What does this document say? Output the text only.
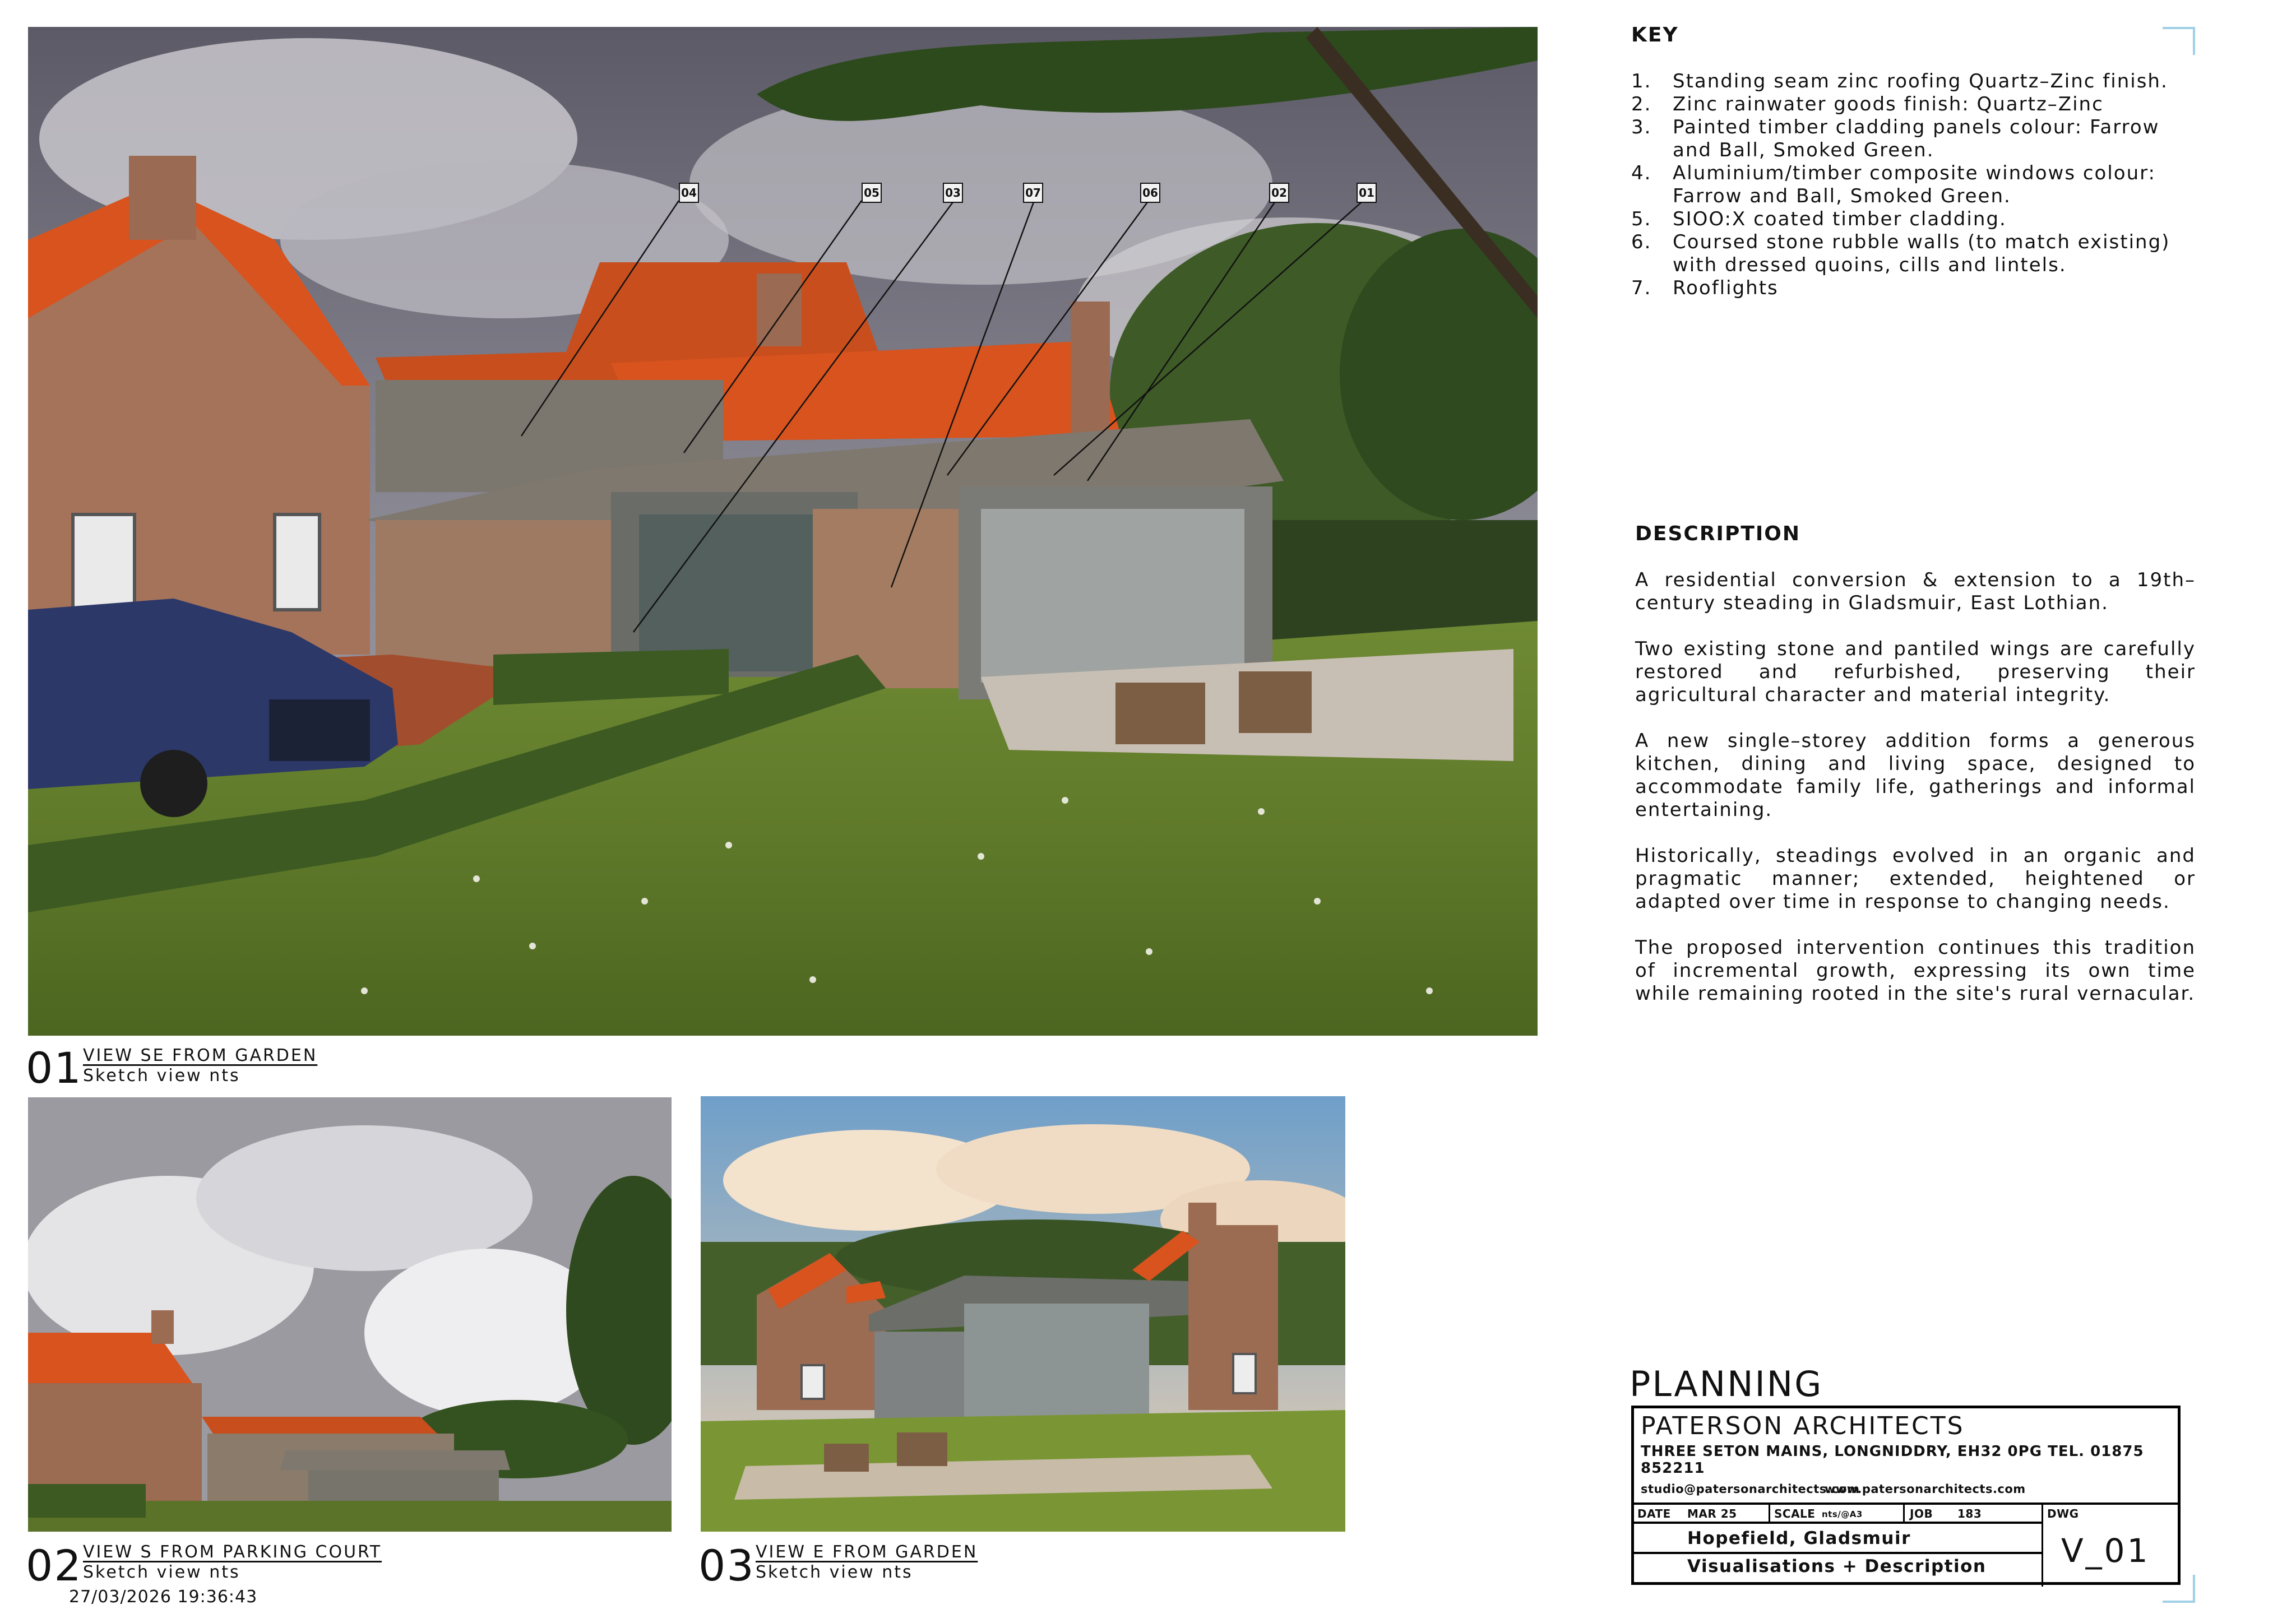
04	05	03	07	06	02	01
01 VIEW SE FROM GARDEN
Sketch view nts
02 VIEW S FROM PARKING COURT
Sketch view nts
27/03/2026 19:36:43
03 VIEW E FROM GARDEN
Sketch view nts
KEY
1. Standing seam zinc roofing Quartz–Zinc finish.
2. Zinc rainwater goods finish: Quartz–Zinc
3. Painted timber cladding panels colour: Farrow and Ball, Smoked Green.
4. Aluminium/timber composite windows colour: Farrow and Ball, Smoked Green.
5. SIOO:X coated timber cladding.
6. Coursed stone rubble walls (to match existing) with dressed quoins, cills and lintels.
7. Rooflights
DESCRIPTION

A residential conversion & extension to a 19th–century steading in Gladsmuir, East Lothian.

Two existing stone and pantiled wings are carefully restored and refurbished, preserving their agricultural character and material integrity.

A new single–storey addition forms a generous kitchen, dining and living space, designed to accommodate family life, gatherings and informal entertaining.

Historically, steadings evolved in an organic and pragmatic manner; extended, heightened or adapted over time in response to changing needs.

The proposed intervention continues this tradition of incremental growth, expressing its own time while remaining rooted in the site's rural vernacular.

PLANNING
PATERSON ARCHITECTS
THREE SETON MAINS, LONGNIDDRY, EH32 0PG TEL. 01875 852211
studio@patersonarchitects.com
www.patersonarchitects.com
DATE MAR 25	SCALE nts/@A3	JOB 183	DWG
Hopefield, Gladsmuir
Visualisations + Description V_01
